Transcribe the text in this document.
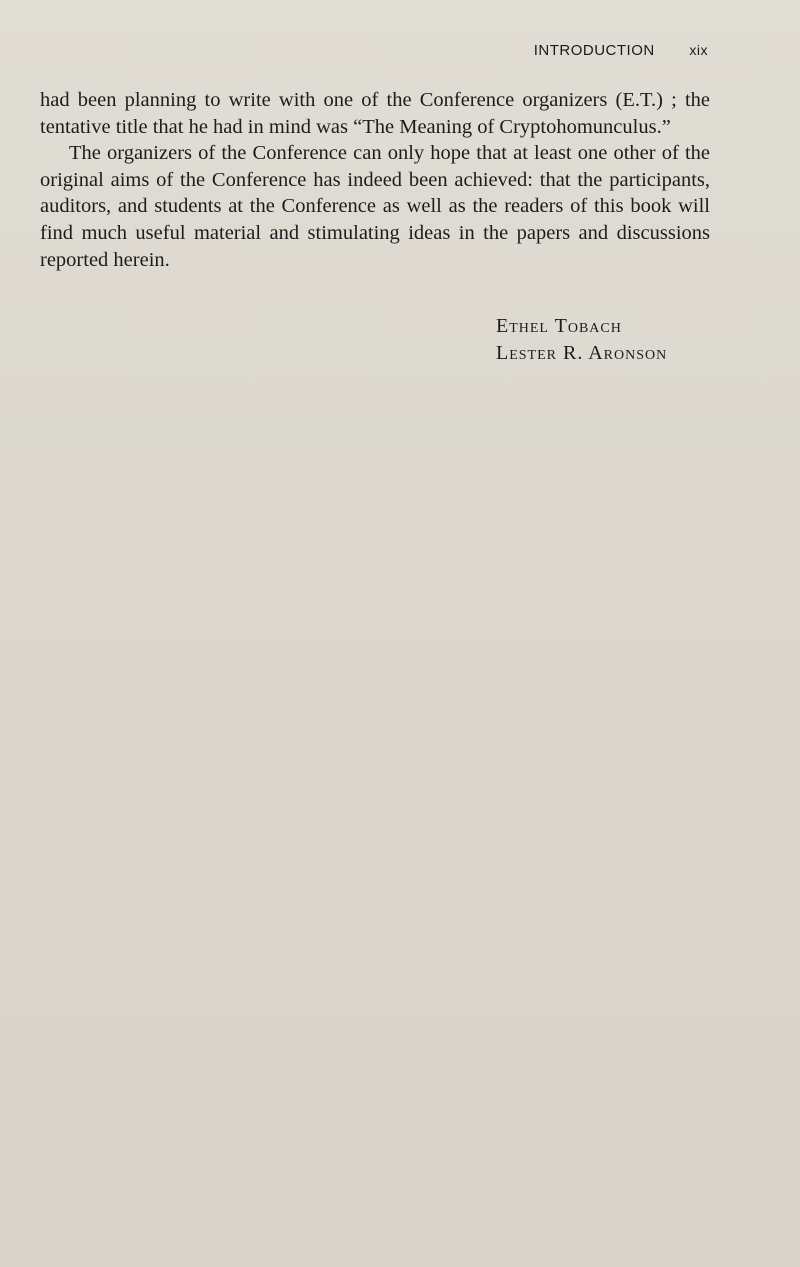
INTRODUCTION xix

had been planning to write with one of the Conference organizers (E.T.) ; the tentative title that he had in mind was “The Meaning of Cryptohomunculus.”

The organizers of the Conference can only hope that at least one other of the original aims of the Conference has indeed been achieved: that the participants, auditors, and students at the Conference as well as the readers of this book will find much useful material and stimulating ideas in the papers and discussions reported herein.

Ethel Tobach
Lester R. Aronson
